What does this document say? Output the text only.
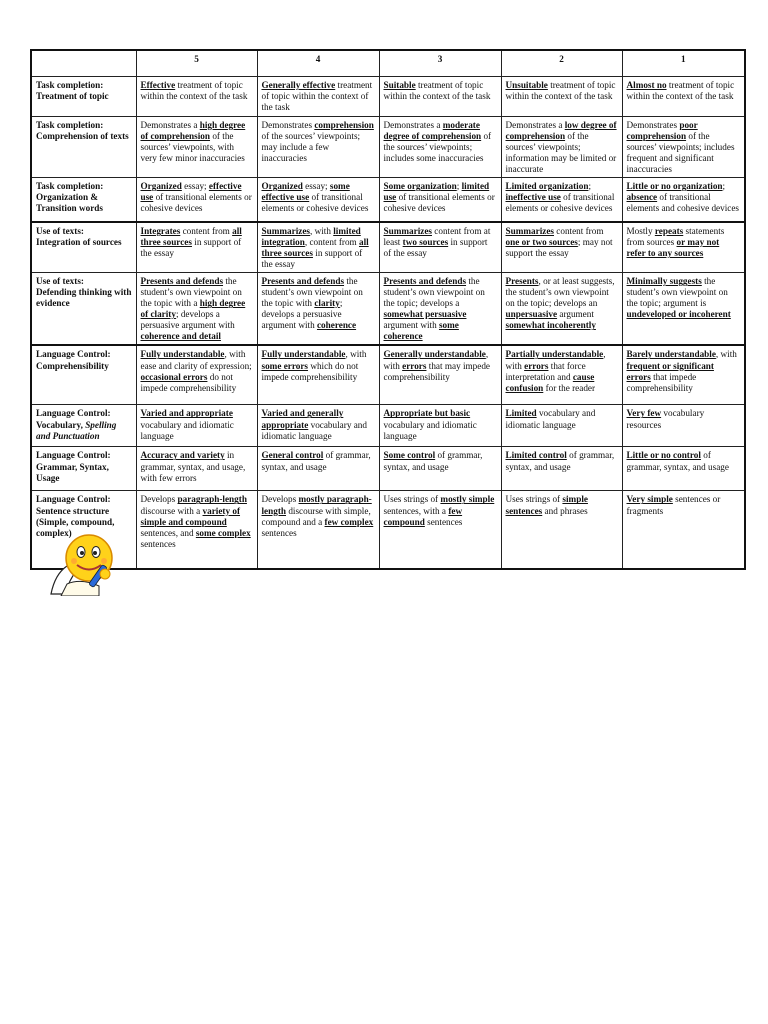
	5	4	3	2	1
Task completion:
Treatment of topic	Effective treatment of topic within the context of the task	Generally effective treatment of topic within the context of the task	Suitable treatment of topic within the context of the task	Unsuitable treatment of topic within the context of the task	Almost no treatment of topic within the context of the task
Task completion:
Comprehension of texts	Demonstrates a high degree of comprehension of the sources’ viewpoints, with very few minor inaccuracies	Demonstrates comprehension of the sources’ viewpoints; may include a few inaccuracies	Demonstrates a moderate degree of comprehension of the sources’ viewpoints; includes some inaccuracies	Demonstrates a low degree of comprehension of the sources’ viewpoints; information may be limited or inaccurate	Demonstrates poor comprehension of the sources’ viewpoints; includes frequent and significant inaccuracies
Task completion:
Organization &
Transition words	Organized essay; effective use of transitional elements or cohesive devices	Organized essay; some effective use of transitional elements or cohesive devices	Some organization; limited use of transitional elements or cohesive devices	Limited organization; ineffective use of transitional elements or cohesive devices	Little or no organization; absence of transitional elements and cohesive devices
Use of texts:
Integration of sources	Integrates content from all three sources in support of the essay	Summarizes, with limited integration, content from all three sources in support of the essay	Summarizes content from at least two sources in support of the essay	Summarizes content from one or two sources; may not support the essay	Mostly repeats statements from sources or may not refer to any sources
Use of texts:
Defending thinking with evidence	Presents and defends the student’s own viewpoint on the topic with a high degree of clarity; develops a persuasive argument with coherence and detail	Presents and defends the student’s own viewpoint on the topic with clarity; develops a persuasive argument with coherence	Presents and defends the student’s own viewpoint on the topic; develops a somewhat persuasive argument with some coherence	Presents, or at least suggests, the student’s own viewpoint on the topic; develops an unpersuasive argument somewhat incoherently	Minimally suggests the student’s own viewpoint on the topic; argument is undeveloped or incoherent
Language Control:
Comprehensibility	Fully understandable, with ease and clarity of expression; occasional errors do not impede comprehensibility	Fully understandable, with some errors which do not impede comprehensibility	Generally understandable, with errors that may impede comprehensibility	Partially understandable, with errors that force interpretation and cause confusion for the reader	Barely understandable, with frequent or significant errors that impede comprehensibility
Language Control:
Vocabulary, Spelling and Punctuation	Varied and appropriate vocabulary and idiomatic language	Varied and generally appropriate vocabulary and idiomatic language	Appropriate but basic vocabulary and idiomatic language	Limited vocabulary and idiomatic language	Very few vocabulary resources
Language Control:
Grammar, Syntax,
Usage	Accuracy and variety in grammar, syntax, and usage, with few errors	General control of grammar, syntax, and usage	Some control of grammar, syntax, and usage	Limited control of grammar, syntax, and usage	Little or no control of grammar, syntax, and usage
Language Control:
Sentence structure
(Simple, compound,
complex)	Develops paragraph-length discourse with a variety of simple and compound sentences, and some complex sentences	Develops mostly paragraph-length discourse with simple, compound and a few complex sentences	Uses strings of mostly simple sentences, with a few compound sentences	Uses strings of simple sentences and phrases	Very simple sentences or fragments
